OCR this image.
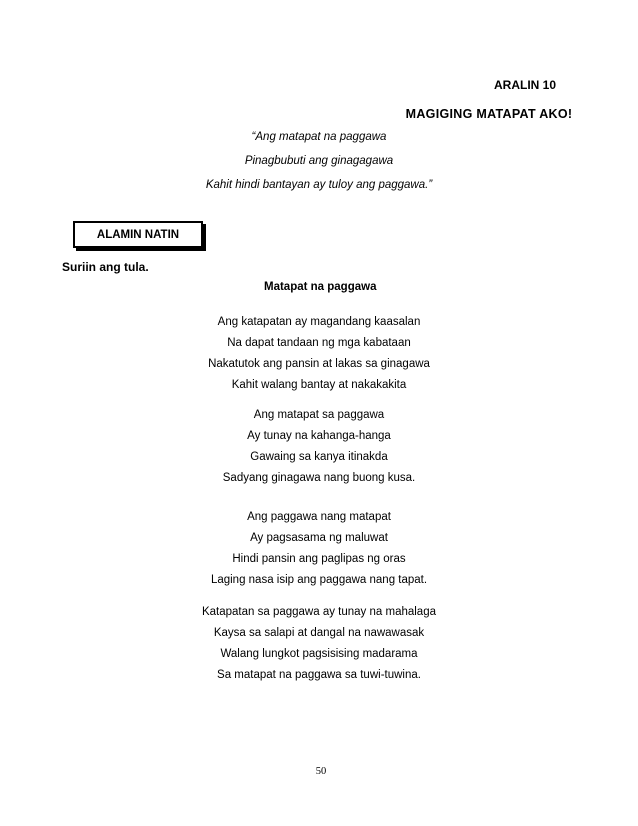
ARALIN 10
MAGIGING MATAPAT AKO!
“Ang matapat na paggawa
Pinagbubuti ang ginagagawa
Kahit hindi bantayan ay tuloy ang paggawa.”
ALAMIN NATIN
Suriin ang tula.
Matapat na paggawa
Ang katapatan ay magandang kaasalan
Na dapat tandaan ng mga kabataan
Nakatutok ang pansin at lakas sa ginagawa
Kahit walang bantay at nakakakita
Ang matapat sa paggawa
Ay tunay na kahanga-hanga
Gawaing sa kanya itinakda
Sadyang ginagawa nang buong kusa.
Ang paggawa nang matapat
Ay pagsasama ng maluwat
Hindi pansin ang paglipas ng oras
Laging nasa isip ang paggawa nang tapat.
Katapatan sa paggawa ay tunay na mahalaga
Kaysa sa salapi at dangal na nawawasak
Walang lungkot pagsisising madarama
Sa matapat na paggawa sa tuwi-tuwina.
50
